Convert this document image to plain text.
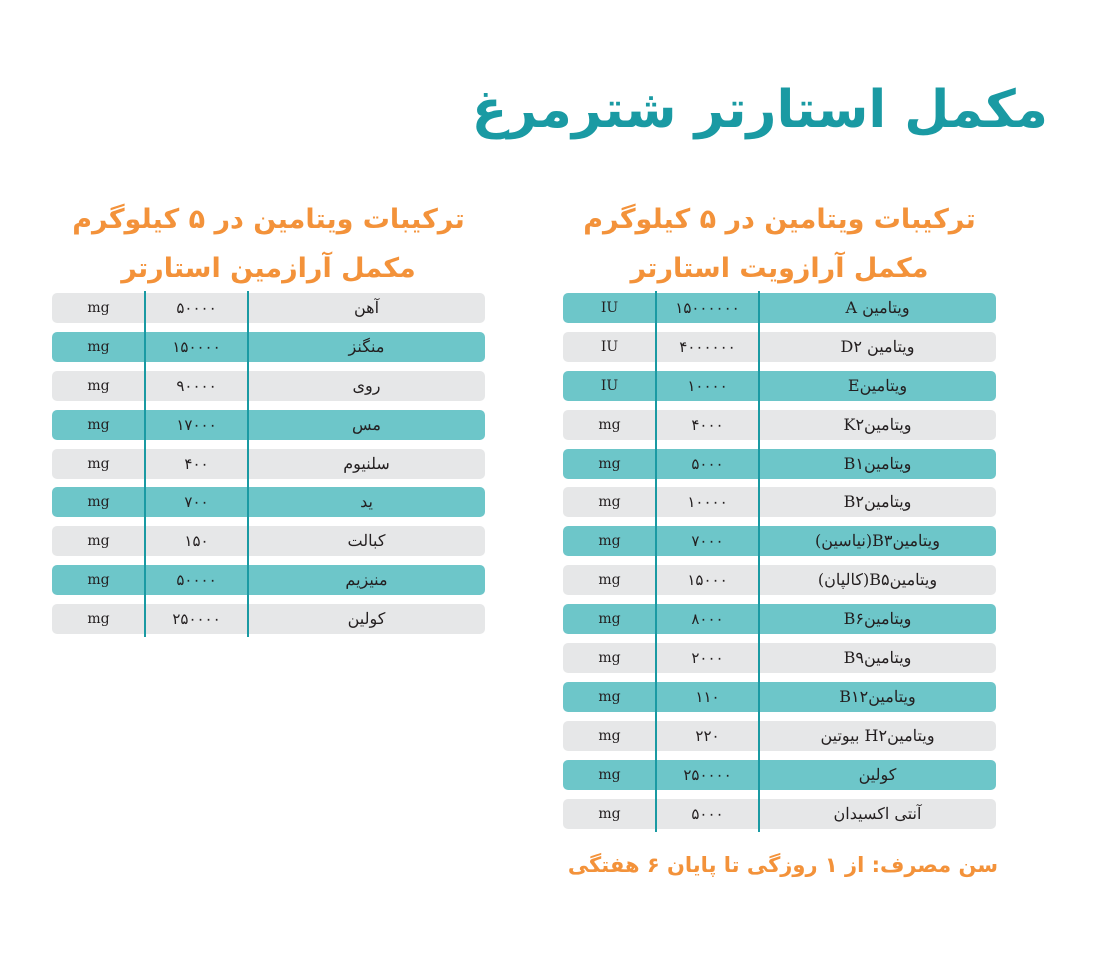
مکمل استارتر شترمرغ
ترکیبات ویتامین در ۵ کیلوگرم
مکمل آرازویت استارتر
ترکیبات ویتامین در ۵ کیلوگرم
مکمل آرازمین استارتر
IU	۱۵۰۰۰۰۰۰	ویتامین A
IU	۴۰۰۰۰۰۰	ویتامین D۲
IU	۱۰۰۰۰	ویتامینE
mg	۴۰۰۰	ویتامینK۲
mg	۵۰۰۰	ویتامینB۱
mg	۱۰۰۰۰	ویتامینB۲
mg	۷۰۰۰	ویتامینB۳(نیاسین)
mg	۱۵۰۰۰	ویتامینB۵(کالپان)
mg	۸۰۰۰	ویتامینB۶
mg	۲۰۰۰	ویتامینB۹
mg	۱۱۰	ویتامینB۱۲
mg	۲۲۰	ویتامینH۲ بیوتین
mg	۲۵۰۰۰۰	کولین
mg	۵۰۰۰	آنتی اکسیدان
mg	۵۰۰۰۰	آهن
mg	۱۵۰۰۰۰	منگنز
mg	۹۰۰۰۰	روی
mg	۱۷۰۰۰	مس
mg	۴۰۰	سلنیوم
mg	۷۰۰	ید
mg	۱۵۰	کبالت
mg	۵۰۰۰۰	منیزیم
mg	۲۵۰۰۰۰	کولین
سن مصرف: از ۱ روزگی تا پایان ۶ هفتگی
